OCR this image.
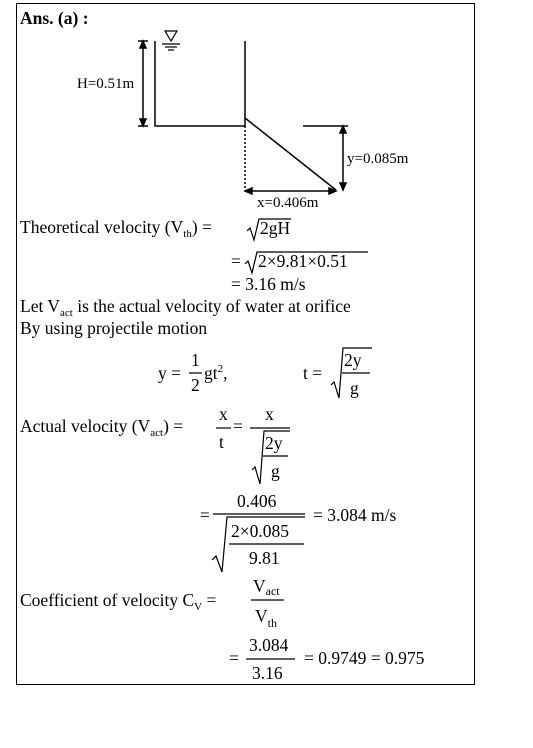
Ans. (a) :
H=0.51m
y=0.085m
x=0.406m
Theoretical velocity $(V_{th})$ =	2gH
= 2×9.81×0.51
= 3.16 m/s
Let $V_{act}$ is the actual velocity of water at orifice
By using projectile motion
y =
1
2
$gt^2$,	t =
2y
g
Actual velocity $(V_{act})$ =
x
t
=
x
2y
g
0.406
=
2×0.085
9.81
= 3.084 m/s
Coefficient of velocity $C_V$ =
Vact
$V_{th}$
=
3.084
3.16
= 0.9749 = 0.975
